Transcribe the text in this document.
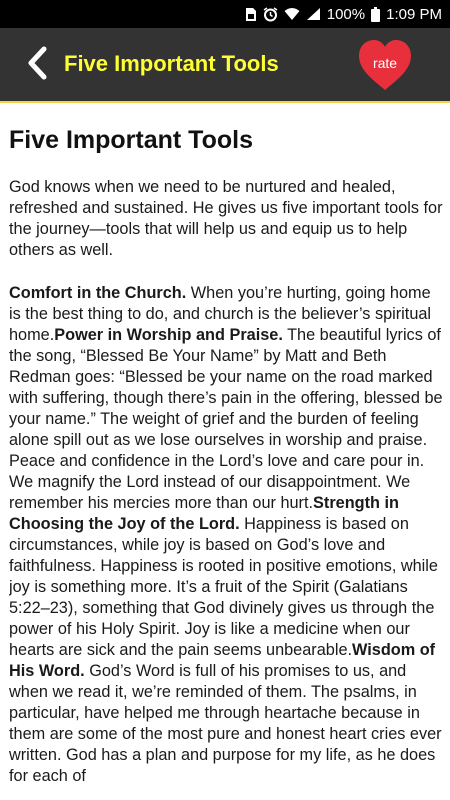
100% 1:09 PM
Five Important Tools	rate
Five Important Tools

God knows when we need to be nurtured and healed, refreshed and sustained. He gives us five important tools for the journey—tools that will help us and equip us to help others as well.

Comfort in the Church. When you’re hurting, going home is the best thing to do, and church is the believer’s spiritual home.Power in Worship and Praise. The beautiful lyrics of the song, “Blessed Be Your Name” by Matt and Beth Redman goes: “Blessed be your name on the road marked with suffering, though there’s pain in the offering, blessed be your name.” The weight of grief and the burden of feeling alone spill out as we lose ourselves in worship and praise. Peace and confidence in the Lord’s love and care pour in. We magnify the Lord instead of our disappointment. We remember his mercies more than our hurt.Strength in Choosing the Joy of the Lord. Happiness is based on circumstances, while joy is based on God’s love and faithfulness. Happiness is rooted in positive emotions, while joy is something more. It’s a fruit of the Spirit (Galatians 5:22–23), something that God divinely gives us through the power of his Holy Spirit. Joy is like a medicine when our hearts are sick and the pain seems unbearable.Wisdom of His Word. God’s Word is full of his promises to us, and when we read it, we’re reminded of them. The psalms, in particular, have helped me through heartache because in them are some of the most pure and honest heart cries ever written. God has a plan and purpose for my life, as he does for each of
